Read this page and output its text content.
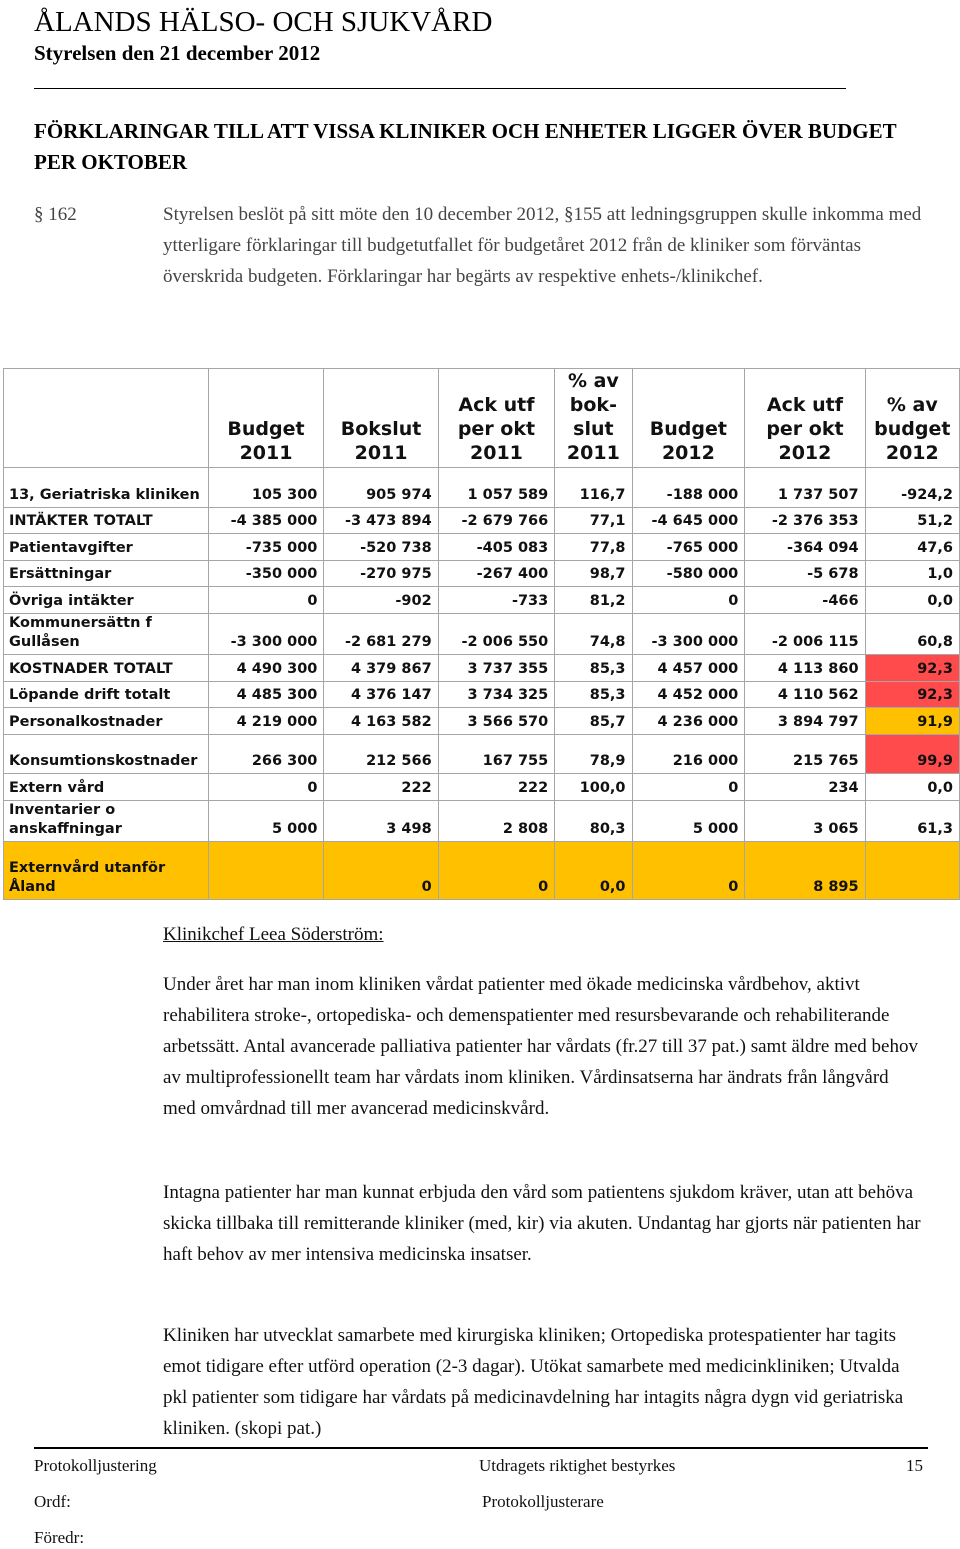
ÅLANDS HÄLSO- OCH SJUKVÅRD
Styrelsen den 21 december 2012
FÖRKLARINGAR TILL ATT VISSA KLINIKER OCH ENHETER LIGGER ÖVER BUDGET PER OKTOBER
§ 162	Styrelsen beslöt på sitt möte den 10 december 2012, §155 att ledningsgruppen skulle inkomma med ytterligare förklaringar till budgetutfallet för budgetåret 2012 från de kliniker som förväntas överskrida budgeten. Förklaringar har begärts av respektive enhets-/klinikchef.
	Budget 2011	Bokslut 2011	Ack utf per okt 2011	% av bok-slut 2011	Budget 2012	Ack utf per okt 2012	% av budget 2012
13, Geriatriska kliniken	105 300	905 974	1 057 589	116,7	-188 000	1 737 507	-924,2
INTÄKTER TOTALT	-4 385 000	-3 473 894	-2 679 766	77,1	-4 645 000	-2 376 353	51,2
Patientavgifter	-735 000	-520 738	-405 083	77,8	-765 000	-364 094	47,6
Ersättningar	-350 000	-270 975	-267 400	98,7	-580 000	-5 678	1,0
Övriga intäkter	0	-902	-733	81,2	0	-466	0,0
Kommunersättn f Gullåsen	-3 300 000	-2 681 279	-2 006 550	74,8	-3 300 000	-2 006 115	60,8
KOSTNADER TOTALT	4 490 300	4 379 867	3 737 355	85,3	4 457 000	4 113 860	92,3
Löpande drift totalt	4 485 300	4 376 147	3 734 325	85,3	4 452 000	4 110 562	92,3
Personalkostnader	4 219 000	4 163 582	3 566 570	85,7	4 236 000	3 894 797	91,9
Konsumtionskostnader	266 300	212 566	167 755	78,9	216 000	215 765	99,9
Extern vård	0	222	222	100,0	0	234	0,0
Inventarier o anskaffningar	5 000	3 498	2 808	80,3	5 000	3 065	61,3
Externvård utanför Åland		0	0	0,0	0	8 895	
Klinikchef Leea Söderström:
Under året har man inom kliniken vårdat patienter med ökade medicinska vårdbehov, aktivt rehabilitera stroke-, ortopediska- och demenspatienter med resursbevarande och rehabiliterande arbetssätt. Antal avancerade palliativa patienter har vårdats (fr.27 till 37 pat.) samt äldre med behov av multiprofessionellt team har vårdats inom kliniken. Vårdinsatserna har ändrats från långvård med omvårdnad till mer avancerad medicinskvård.
Intagna patienter har man kunnat erbjuda den vård som patientens sjukdom kräver, utan att behöva skicka tillbaka till remitterande kliniker (med, kir) via akuten. Undantag har gjorts när patienten har haft behov av mer intensiva medicinska insatser.
Kliniken har utvecklat samarbete med kirurgiska kliniken; Ortopediska protespatienter har tagits emot tidigare efter utförd operation (2-3 dagar). Utökat samarbete med medicinkliniken; Utvalda pkl patienter som tidigare har vårdats på medicinavdelning har intagits några dygn vid geriatriska kliniken. (skopi pat.)
Protokolljustering	Utdragets riktighet bestyrkes	15
Ordf:	Protokolljusterare
Föredr:
